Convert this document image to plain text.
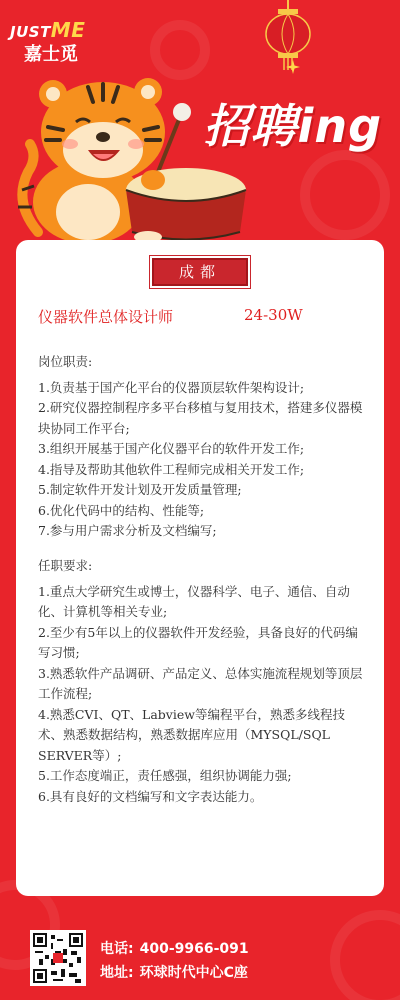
JUSTME
嘉士觅
招聘ing
成都
仪器软件总体设计师	24-30W

岗位职责:

1.负责基于国产化平台的仪器顶层软件架构设计;

2.研究仪器控制程序多平台移植与复用技术，搭建多仪器模块协同工作平台;

3.组织开展基于国产化仪器平台的软件开发工作;

4.指导及帮助其他软件工程师完成相关开发工作;

5.制定软件开发计划及开发质量管理;

6.优化代码中的结构、性能等;

7.参与用户需求分析及文档编写;

任职要求:

1.重点大学研究生或博士，仪器科学、电子、通信、自动化、计算机等相关专业;

2.至少有5年以上的仪器软件开发经验，具备良好的代码编写习惯;

3.熟悉软件产品调研、产品定义、总体实施流程规划等顶层工作流程;

4.熟悉CVI、QT、Labview等编程平台，熟悉多线程技术、熟悉数据结构，熟悉数据库应用（MYSQL/SQL SERVER等）;

5.工作态度端正，责任感强，组织协调能力强;

6.具有良好的文档编写和文字表达能力。

电话: 400-9966-091
地址: 环球时代中心C座
